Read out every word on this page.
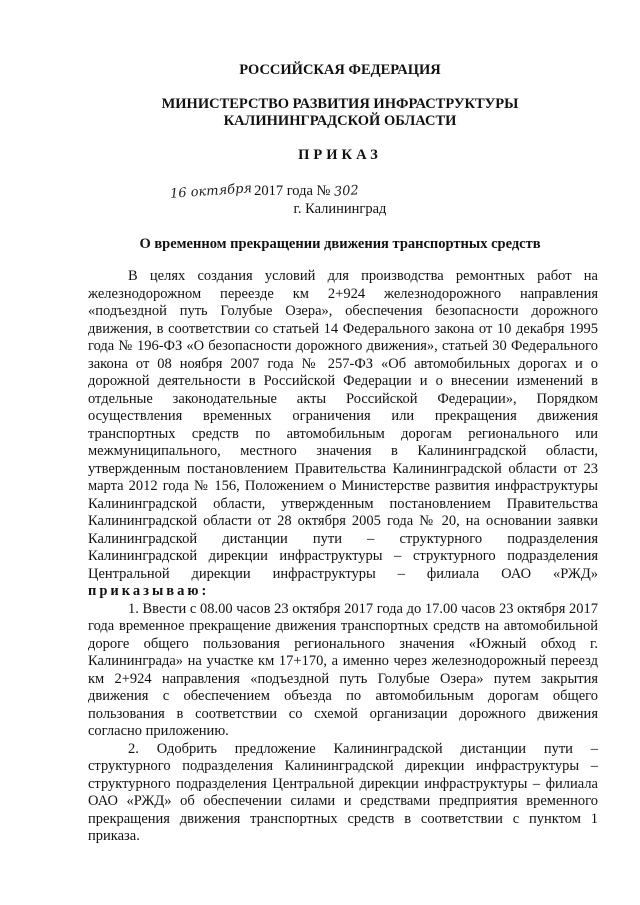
РОССИЙСКАЯ ФЕДЕРАЦИЯ
МИНИСТЕРСТВО РАЗВИТИЯ ИНФРАСТРУКТУРЫ
КАЛИНИНГРАДСКОЙ ОБЛАСТИ
ПРИКАЗ
16 октября 2017 года № 302
г. Калининград
О временном прекращении движения транспортных средств

В целях создания условий для производства ремонтных работ на железнодорожном переезде км 2+924 железнодорожного направления «подъездной путь Голубые Озера», обеспечения безопасности дорожного движения, в соответствии со статьей 14 Федерального закона от 10 декабря 1995 года № 196-ФЗ «О безопасности дорожного движения», статьей 30 Федерального закона от 08 ноября 2007 года № 257-ФЗ «Об автомобильных дорогах и о дорожной деятельности в Российской Федерации и о внесении изменений в отдельные законодательные акты Российской Федерации», Порядком осуществления временных ограничения или прекращения движения транспортных средств по автомобильным дорогам регионального или межмуниципального, местного значения в Калининградской области, утвержденным постановлением Правительства Калининградской области от 23 марта 2012 года № 156, Положением о Министерстве развития инфраструктуры Калининградской области, утвержденным постановлением Правительства Калининградской области от 28 октября 2005 года № 20, на основании заявки Калининградской дистанции пути – структурного подразделения Калининградской дирекции инфраструктуры – структурного подразделения Центральной дирекции инфраструктуры – филиала ОАО «РЖД» приказываю:

1. Ввести с 08.00 часов 23 октября 2017 года до 17.00 часов 23 октября 2017 года временное прекращение движения транспортных средств на автомобильной дороге общего пользования регионального значения «Южный обход г. Калининграда» на участке км 17+170, а именно через железнодорожный переезд км 2+924 направления «подъездной путь Голубые Озера» путем закрытия движения с обеспечением объезда по автомобильным дорогам общего пользования в соответствии со схемой организации дорожного движения согласно приложению.

2. Одобрить предложение Калининградской дистанции пути – структурного подразделения Калининградской дирекции инфраструктуры – структурного подразделения Центральной дирекции инфраструктуры – филиала ОАО «РЖД» об обеспечении силами и средствами предприятия временного прекращения движения транспортных средств в соответствии с пунктом 1 приказа.
